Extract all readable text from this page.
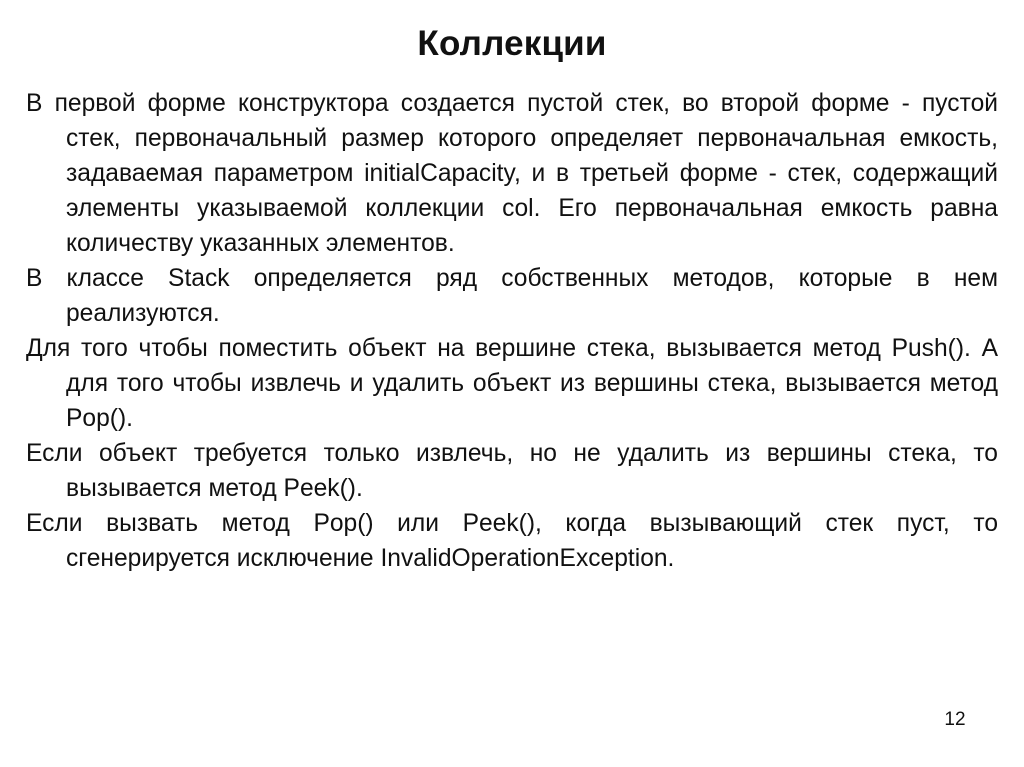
Коллекции

В первой форме конструктора создается пустой стек, во второй форме - пустой стек, первоначальный размер которого определяет первоначальная емкость, задаваемая параметром initialCapacity, и в третьей форме - стек, содержащий элементы указываемой коллекции col. Его первоначальная емкость равна количеству указанных элементов.

В классе Stack определяется ряд собственных методов, которые в нем реализуются.

Для того чтобы поместить объект на вершине стека, вызывается метод Push(). А для того чтобы извлечь и удалить объект из вершины стека, вызывается метод Pop().

Если объект требуется только извлечь, но не удалить из вершины стека, то вызывается метод Peek().

Если вызвать метод Pop() или Peek(), когда вызывающий стек пуст, то сгенерируется исключение InvalidOperationException.

12
